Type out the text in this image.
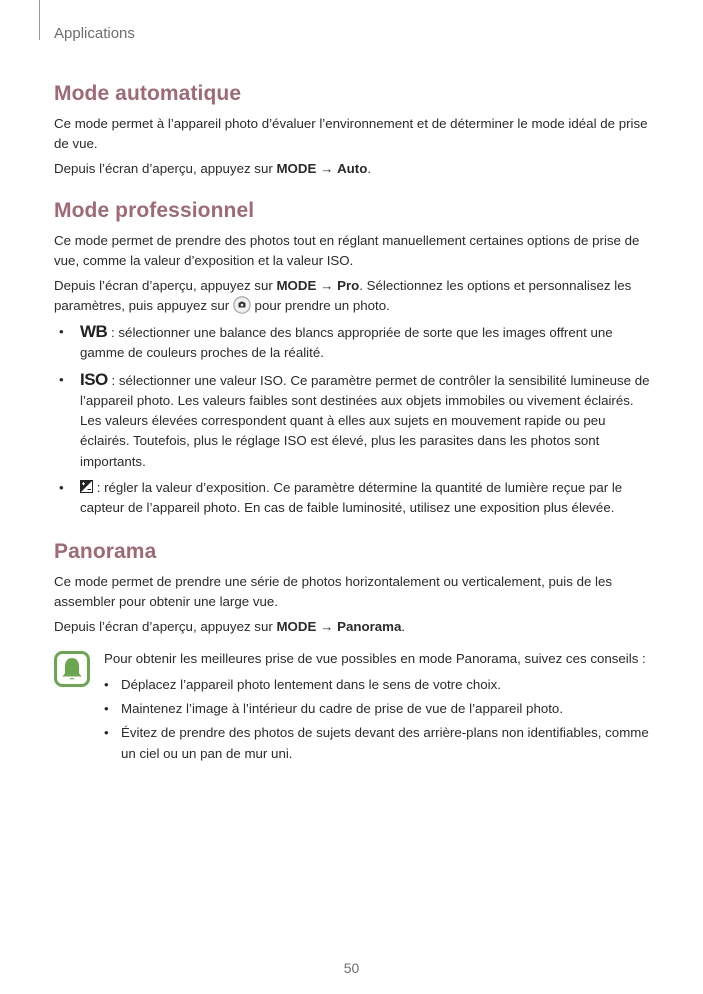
Applications
Mode automatique

Ce mode permet à l’appareil photo d’évaluer l’environnement et de déterminer le mode idéal de prise de vue.

Depuis l’écran d’aperçu, appuyez sur MODE → Auto.

Mode professionnel

Ce mode permet de prendre des photos tout en réglant manuellement certaines options de prise de vue, comme la valeur d’exposition et la valeur ISO.

Depuis l’écran d’aperçu, appuyez sur MODE → Pro. Sélectionnez les options et personnalisez les paramètres, puis appuyez sur  pour prendre un photo.

• WB : sélectionner une balance des blancs appropriée de sorte que les images offrent une gamme de couleurs proches de la réalité.
• ISO : sélectionner une valeur ISO. Ce paramètre permet de contrôler la sensibilité lumineuse de l’appareil photo. Les valeurs faibles sont destinées aux objets immobiles ou vivement éclairés. Les valeurs élevées correspondent quant à elles aux sujets en mouvement rapide ou peu éclairés. Toutefois, plus le réglage ISO est élevé, plus les parasites dans les photos sont importants.
• : régler la valeur d’exposition. Ce paramètre détermine la quantité de lumière reçue par le capteur de l’appareil photo. En cas de faible luminosité, utilisez une exposition plus élevée.
Panorama

Ce mode permet de prendre une série de photos horizontalement ou verticalement, puis de les assembler pour obtenir une large vue.

Depuis l’écran d’aperçu, appuyez sur MODE → Panorama.

Pour obtenir les meilleures prise de vue possibles en mode Panorama, suivez ces conseils :

• Déplacez l’appareil photo lentement dans le sens de votre choix.
• Maintenez l’image à l’intérieur du cadre de prise de vue de l’appareil photo.
• Évitez de prendre des photos de sujets devant des arrière-plans non identifiables, comme un ciel ou un pan de mur uni.
50
